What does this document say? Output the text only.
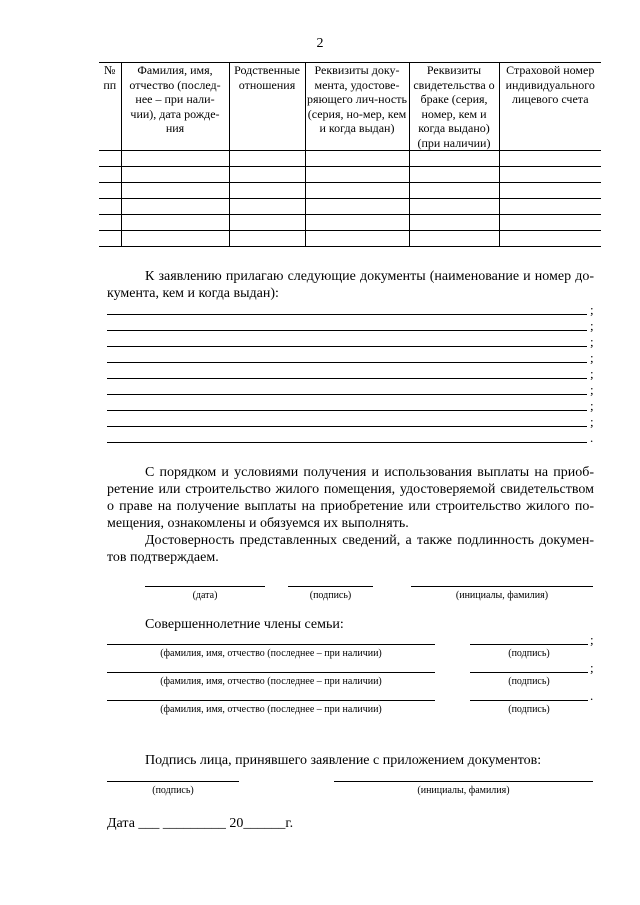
2
№ пп	Фамилия, имя, отчество (послед-нее – при нали-чии), дата рожде-ния	Родственные отношения	Реквизиты доку-мента, удостове-ряющего лич-ность (серия, но-мер, кем и когда выдан)	Реквизиты свидетельства о браке (серия, номер, кем и когда выдано) (при наличии)	Страховой номер индивидуального лицевого счета

К заявлению прилагаю следующие документы (наименование и номер до-кумента, кем и когда выдан):
;
;
;
;
;
;
;
;
.
С порядком и условиями получения и использования выплаты на приоб-ретение или строительство жилого помещения, удостоверяемой свидетельством о праве на получение выплаты на приобретение или строительство жилого по-мещения, ознакомлены и обязуемся их выполнять.
Достоверность представленных сведений, а также подлинность докумен-тов подтверждаем.
(дата)	(подпись)	(инициалы, фамилия)
Совершеннолетние члены семьи:
;
(фамилия, имя, отчество (последнее – при наличии)	(подпись)
;
(фамилия, имя, отчество (последнее – при наличии)	(подпись)
.
(фамилия, имя, отчество (последнее – при наличии)	(подпись)
Подпись лица, принявшего заявление с приложением документов:
(подпись)	(инициалы, фамилия)
Дата ___ _________ 20______г.
